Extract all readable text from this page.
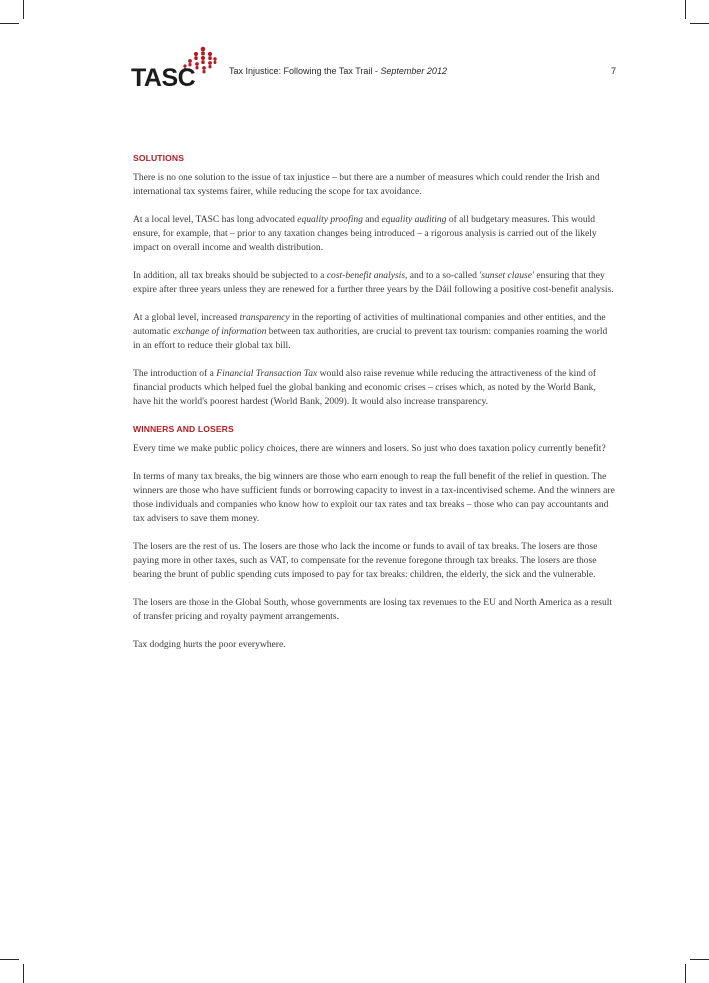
TASC	Tax Injustice: Following the Tax Trail - September 2012	7
SOLUTIONS

There is no one solution to the issue of tax injustice – but there are a number of measures which could render the Irish and international tax systems fairer, while reducing the scope for tax avoidance.

At a local level, TASC has long advocated equality proofing and equality auditing of all budgetary measures. This would ensure, for example, that – prior to any taxation changes being introduced – a rigorous analysis is carried out of the likely impact on overall income and wealth distribution.

In addition, all tax breaks should be subjected to a cost-benefit analysis, and to a so-called 'sunset clause' ensuring that they expire after three years unless they are renewed for a further three years by the Dáil following a positive cost-benefit analysis.

At a global level, increased transparency in the reporting of activities of multinational companies and other entities, and the automatic exchange of information between tax authorities, are crucial to prevent tax tourism: companies roaming the world in an effort to reduce their global tax bill.

The introduction of a Financial Transaction Tax would also raise revenue while reducing the attractiveness of the kind of financial products which helped fuel the global banking and economic crises – crises which, as noted by the World Bank, have hit the world's poorest hardest (World Bank, 2009). It would also increase transparency.

WINNERS AND LOSERS

Every time we make public policy choices, there are winners and losers. So just who does taxation policy currently benefit?

In terms of many tax breaks, the big winners are those who earn enough to reap the full benefit of the relief in question. The winners are those who have sufficient funds or borrowing capacity to invest in a tax-incentivised scheme. And the winners are those individuals and companies who know how to exploit our tax rates and tax breaks – those who can pay accountants and tax advisers to save them money.

The losers are the rest of us. The losers are those who lack the income or funds to avail of tax breaks. The losers are those paying more in other taxes, such as VAT, to compensate for the revenue foregone through tax breaks. The losers are those bearing the brunt of public spending cuts imposed to pay for tax breaks: children, the elderly, the sick and the vulnerable.

The losers are those in the Global South, whose governments are losing tax revenues to the EU and North America as a result of transfer pricing and royalty payment arrangements.

Tax dodging hurts the poor everywhere.
